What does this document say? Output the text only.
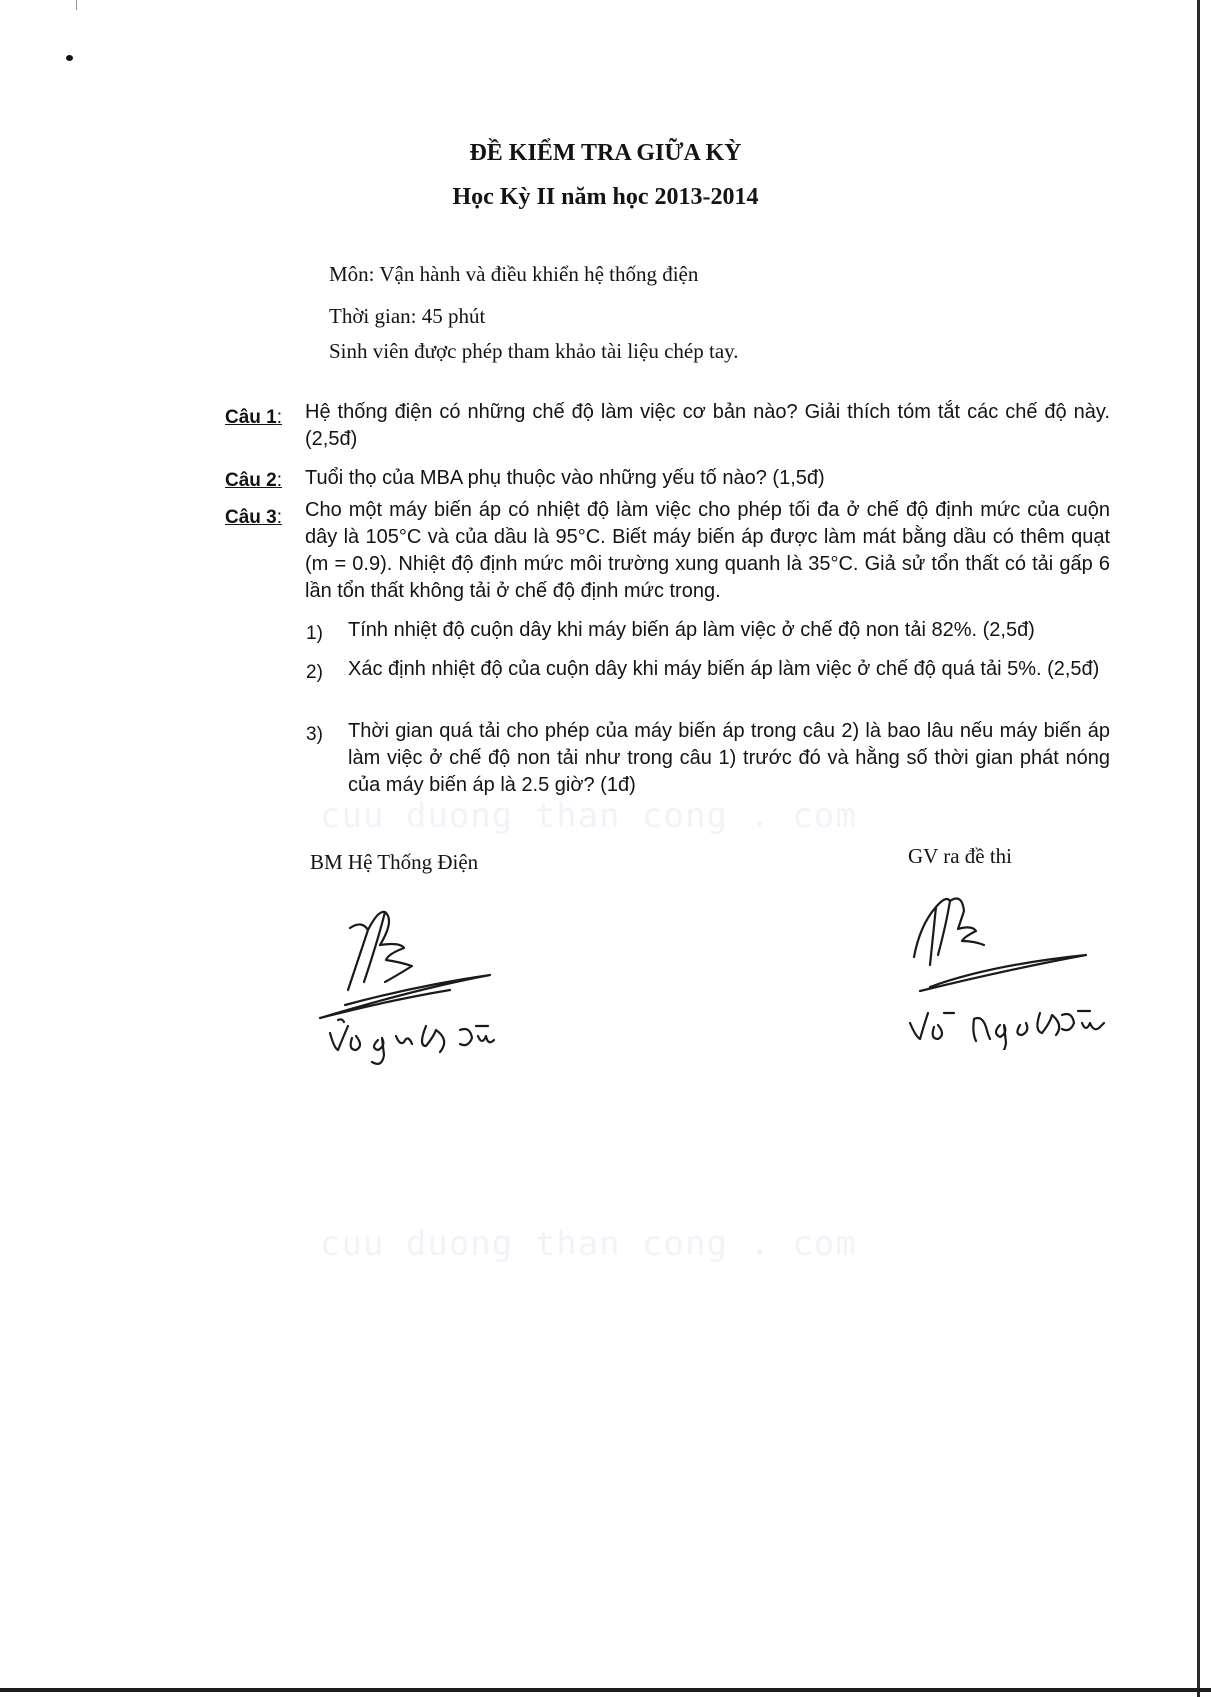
ĐỀ KIỂM TRA GIỮA KỲ
Học Kỳ II năm học 2013-2014
Môn: Vận hành và điều khiển hệ thống điện
Thời gian: 45 phút
Sinh viên được phép tham khảo tài liệu chép tay.
Câu 1: Hệ thống điện có những chế độ làm việc cơ bản nào? Giải thích tóm tắt các chế độ này. (2,5đ)
Câu 2: Tuổi thọ của MBA phụ thuộc vào những yếu tố nào? (1,5đ)
Câu 3: Cho một máy biến áp có nhiệt độ làm việc cho phép tối đa ở chế độ định mức của cuộn dây là 105°C và của dầu là 95°C. Biết máy biến áp được làm mát bằng dầu có thêm quạt (m = 0.9). Nhiệt độ định mức môi trường xung quanh là 35°C. Giả sử tổn thất có tải gấp 6 lần tổn thất không tải ở chế độ định mức trong.
1) Tính nhiệt độ cuộn dây khi máy biến áp làm việc ở chế độ non tải 82%. (2,5đ)
2) Xác định nhiệt độ của cuộn dây khi máy biến áp làm việc ở chế độ quá tải 5%. (2,5đ)
3) Thời gian quá tải cho phép của máy biến áp trong câu 2) là bao lâu nếu máy biến áp làm việc ở chế độ non tải như trong câu 1) trước đó và hằng số thời gian phát nóng của máy biến áp là 2.5 giờ? (1đ)
cuu duong than cong . com
cuu duong than cong . com
BM Hệ Thống Điện	GV ra đề thi
